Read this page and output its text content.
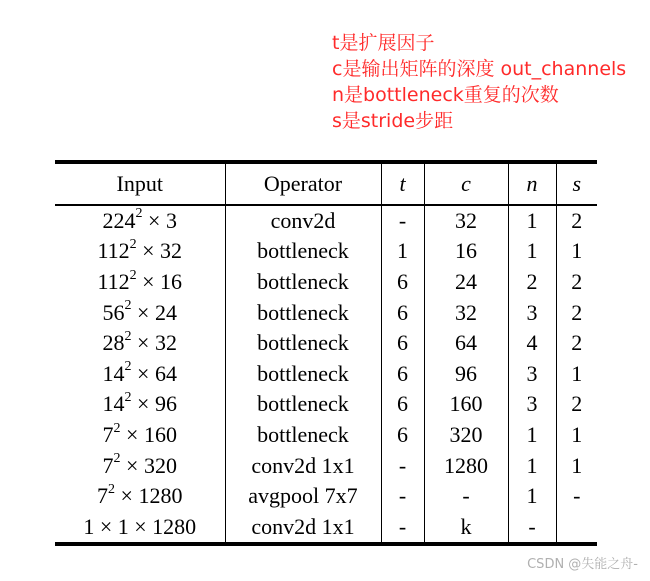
t是扩展因子
c是输出矩阵的深度 out_channels
n是bottleneck重复的次数
s是stride步距
Input	Operator	t	c	n	s
$224^2 \times 3$	conv2d	-	32	1	2
$112^2 \times 32$	bottleneck	1	16	1	1
$112^2 \times 16$	bottleneck	6	24	2	2
$56^2 \times 24$	bottleneck	6	32	3	2
$28^2 \times 32$	bottleneck	6	64	4	2
$14^2 \times 64$	bottleneck	6	96	3	1
$14^2 \times 96$	bottleneck	6	160	3	2
$7^2 \times 160$	bottleneck	6	320	1	1
$7^2 \times 320$	conv2d 1x1	-	1280	1	1
$7^2 \times 1280$	avgpool 7x7	-	-	1	-
1 × 1 × 1280	conv2d 1x1	-	k	-	
CSDN @失能之舟-
